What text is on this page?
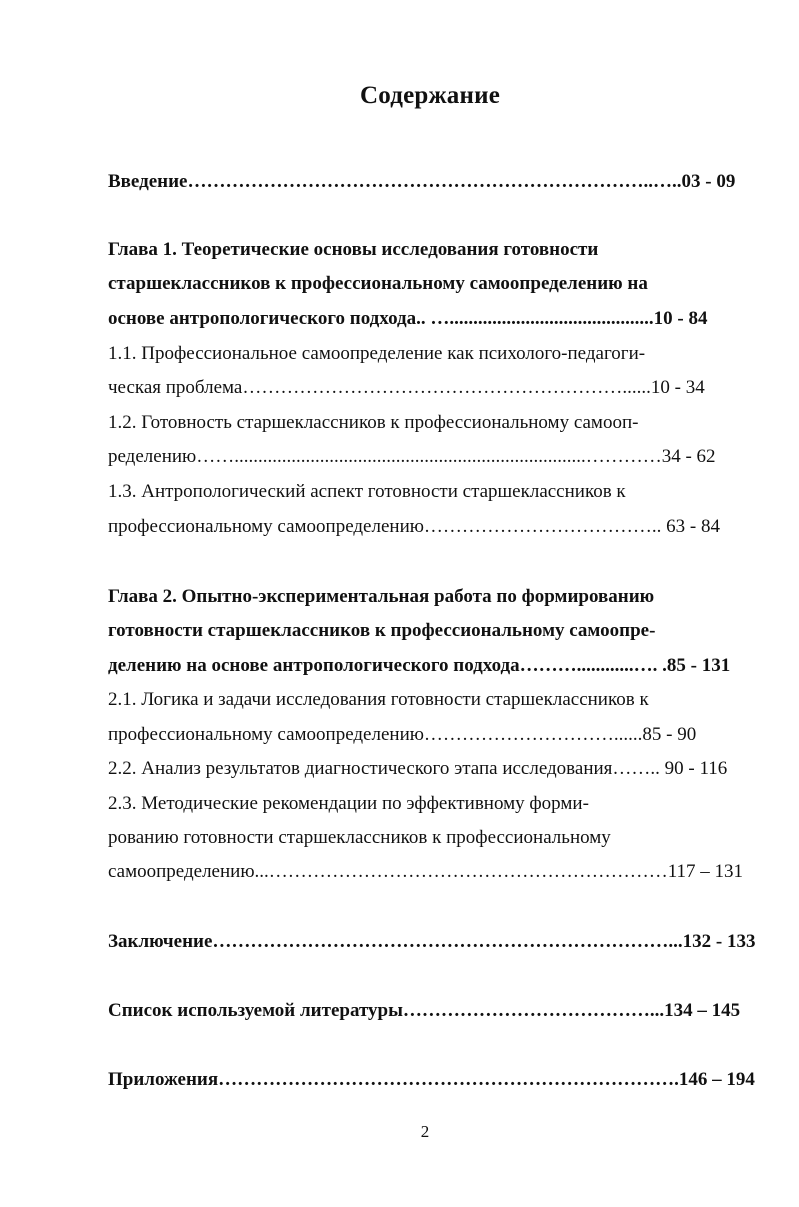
Содержание
Введение………………………………………………………………..…..03 - 09
Глава 1. Теоретические основы исследования готовности
старшеклассников к профессиональному самоопределению на
основе антропологического подхода.. …...........................................10 - 84
1.1. Профессиональное самоопределение как психолого-педагоги-
ческая проблема……………………………………………………......10 - 34
1.2. Готовность старшеклассников к профессиональному самооп-
ределению……..........................................................................…………34 - 62
1.3. Антропологический аспект готовности старшеклассников к
профессиональному самоопределению……………………………….. 63 - 84
Глава 2. Опытно-экспериментальная работа по формированию
готовности старшеклассников к профессиональному самоопре-
делению на основе антропологического подхода………............…. .85 - 131
2.1. Логика и задачи исследования готовности старшеклассников к
профессиональному самоопределению…………………………......85 - 90
2.2. Анализ результатов диагностического этапа исследования…….. 90 - 116
2.3. Методические рекомендации по эффективному форми-
рованию готовности старшеклассников к профессиональному
самоопределению...………………………………………………………117 – 131
Заключение………………………………………………………………...132 - 133
Список используемой литературы…………………………………...134 – 145
Приложения……………………………………………………………….146 – 194
2
